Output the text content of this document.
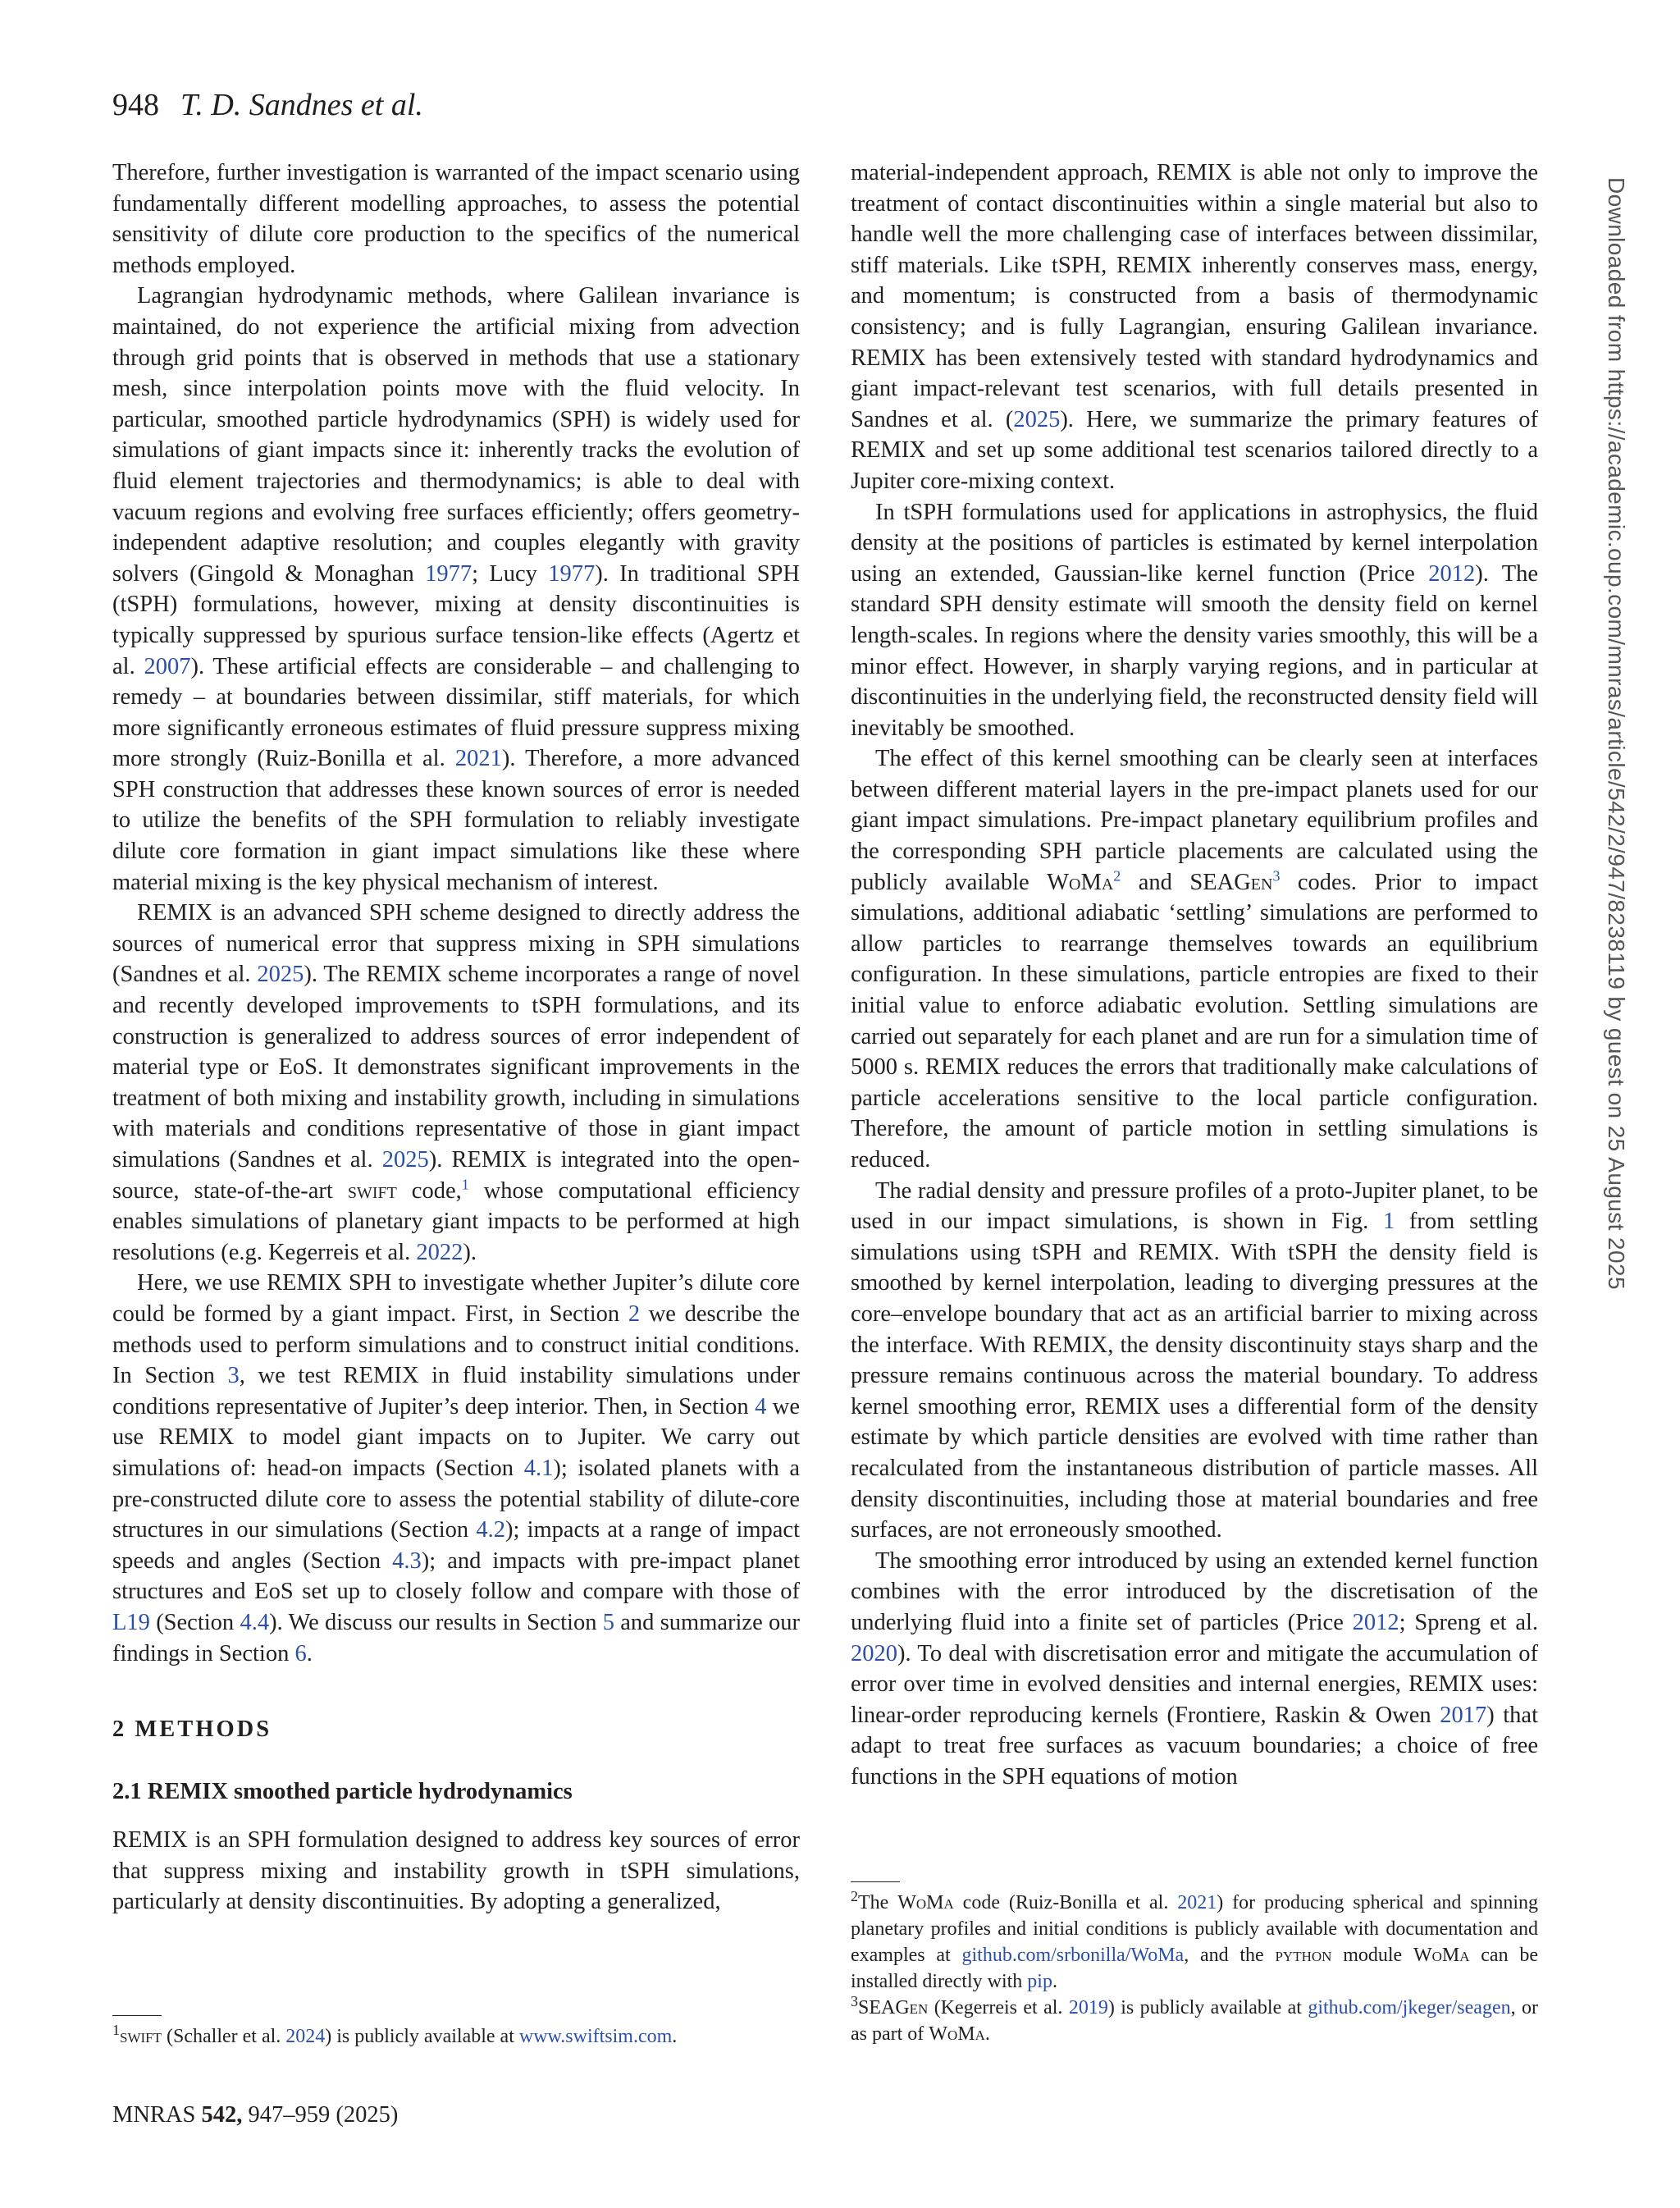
948 T. D. Sandnes et al.

Therefore, further investigation is warranted of the impact scenario using fundamentally different modelling approaches, to assess the potential sensitivity of dilute core production to the specifics of the numerical methods employed.

Lagrangian hydrodynamic methods, where Galilean invariance is maintained, do not experience the artificial mixing from advection through grid points that is observed in methods that use a stationary mesh, since interpolation points move with the fluid velocity. In particular, smoothed particle hydrodynamics (SPH) is widely used for simulations of giant impacts since it: inherently tracks the evolution of fluid element trajectories and thermodynamics; is able to deal with vacuum regions and evolving free surfaces efficiently; offers geometry-independent adaptive resolution; and couples elegantly with gravity solvers (Gingold & Monaghan 1977; Lucy 1977). In traditional SPH (tSPH) formulations, however, mixing at density discontinuities is typically suppressed by spurious surface tension-like effects (Agertz et al. 2007). These artificial effects are considerable – and challenging to remedy – at boundaries between dissimilar, stiff materials, for which more significantly erroneous estimates of fluid pressure suppress mixing more strongly (Ruiz-Bonilla et al. 2021). Therefore, a more advanced SPH construction that addresses these known sources of error is needed to utilize the benefits of the SPH formulation to reliably investigate dilute core formation in giant impact simulations like these where material mixing is the key physical mechanism of interest.

REMIX is an advanced SPH scheme designed to directly address the sources of numerical error that suppress mixing in SPH simulations (Sandnes et al. 2025). The REMIX scheme incorporates a range of novel and recently developed improvements to tSPH formulations, and its construction is generalized to address sources of error independent of material type or EoS. It demonstrates significant improvements in the treatment of both mixing and instability growth, including in simulations with materials and conditions representative of those in giant impact simulations (Sandnes et al. 2025). REMIX is integrated into the open-source, state-of-the-art swift code,$^1$ whose computational efficiency enables simulations of planetary giant impacts to be performed at high resolutions (e.g. Kegerreis et al. 2022).

Here, we use REMIX SPH to investigate whether Jupiter’s dilute core could be formed by a giant impact. First, in Section 2 we describe the methods used to perform simulations and to construct initial conditions. In Section 3, we test REMIX in fluid instability simulations under conditions representative of Jupiter’s deep interior. Then, in Section 4 we use REMIX to model giant impacts on to Jupiter. We carry out simulations of: head-on impacts (Section 4.1); isolated planets with a pre-constructed dilute core to assess the potential stability of dilute-core structures in our simulations (Section 4.2); impacts at a range of impact speeds and angles (Section 4.3); and impacts with pre-impact planet structures and EoS set up to closely follow and compare with those of L19 (Section 4.4). We discuss our results in Section 5 and summarize our findings in Section 6.

2 METHODS
2.1 REMIX smoothed particle hydrodynamics

REMIX is an SPH formulation designed to address key sources of error that suppress mixing and instability growth in tSPH simulations, particularly at density discontinuities. By adopting a generalized,

material-independent approach, REMIX is able not only to improve the treatment of contact discontinuities within a single material but also to handle well the more challenging case of interfaces between dissimilar, stiff materials. Like tSPH, REMIX inherently conserves mass, energy, and momentum; is constructed from a basis of thermodynamic consistency; and is fully Lagrangian, ensuring Galilean invariance. REMIX has been extensively tested with standard hydrodynamics and giant impact-relevant test scenarios, with full details presented in Sandnes et al. (2025). Here, we summarize the primary features of REMIX and set up some additional test scenarios tailored directly to a Jupiter core-mixing context.

In tSPH formulations used for applications in astrophysics, the fluid density at the positions of particles is estimated by kernel interpolation using an extended, Gaussian-like kernel function (Price 2012). The standard SPH density estimate will smooth the density field on kernel length-scales. In regions where the density varies smoothly, this will be a minor effect. However, in sharply varying regions, and in particular at discontinuities in the underlying field, the reconstructed density field will inevitably be smoothed.

The effect of this kernel smoothing can be clearly seen at interfaces between different material layers in the pre-impact planets used for our giant impact simulations. Pre-impact planetary equilibrium profiles and the corresponding SPH particle placements are calculated using the publicly available WoMa$^2$ and SEAGen$^3$ codes. Prior to impact simulations, additional adiabatic ‘settling’ simulations are performed to allow particles to rearrange themselves towards an equilibrium configuration. In these simulations, particle entropies are fixed to their initial value to enforce adiabatic evolution. Settling simulations are carried out separately for each planet and are run for a simulation time of 5000 s. REMIX reduces the errors that traditionally make calculations of particle accelerations sensitive to the local particle configuration. Therefore, the amount of particle motion in settling simulations is reduced.

The radial density and pressure profiles of a proto-Jupiter planet, to be used in our impact simulations, is shown in Fig. 1 from settling simulations using tSPH and REMIX. With tSPH the density field is smoothed by kernel interpolation, leading to diverging pressures at the core–envelope boundary that act as an artificial barrier to mixing across the interface. With REMIX, the density discontinuity stays sharp and the pressure remains continuous across the material boundary. To address kernel smoothing error, REMIX uses a differential form of the density estimate by which particle densities are evolved with time rather than recalculated from the instantaneous distribution of particle masses. All density discontinuities, including those at material boundaries and free surfaces, are not erroneously smoothed.

The smoothing error introduced by using an extended kernel function combines with the error introduced by the discretisation of the underlying fluid into a finite set of particles (Price 2012; Spreng et al. 2020). To deal with discretisation error and mitigate the accumulation of error over time in evolved densities and internal energies, REMIX uses: linear-order reproducing kernels (Frontiere, Raskin & Owen 2017) that adapt to treat free surfaces as vacuum boundaries; a choice of free functions in the SPH equations of motion

$^1$swift (Schaller et al. 2024) is publicly available at www.swiftsim.com.

$^2$The WoMa code (Ruiz-Bonilla et al. 2021) for producing spherical and spinning planetary profiles and initial conditions is publicly available with documentation and examples at github.com/srbonilla/WoMa, and the python module WoMa can be installed directly with pip.

$^3$SEAGen (Kegerreis et al. 2019) is publicly available at github.com/jkeger/seagen, or as part of WoMa.

MNRAS 542, 947–959 (2025)
Downloaded from https://academic.oup.com/mnras/article/542/2/947/8238119 by guest on 25 August 2025
